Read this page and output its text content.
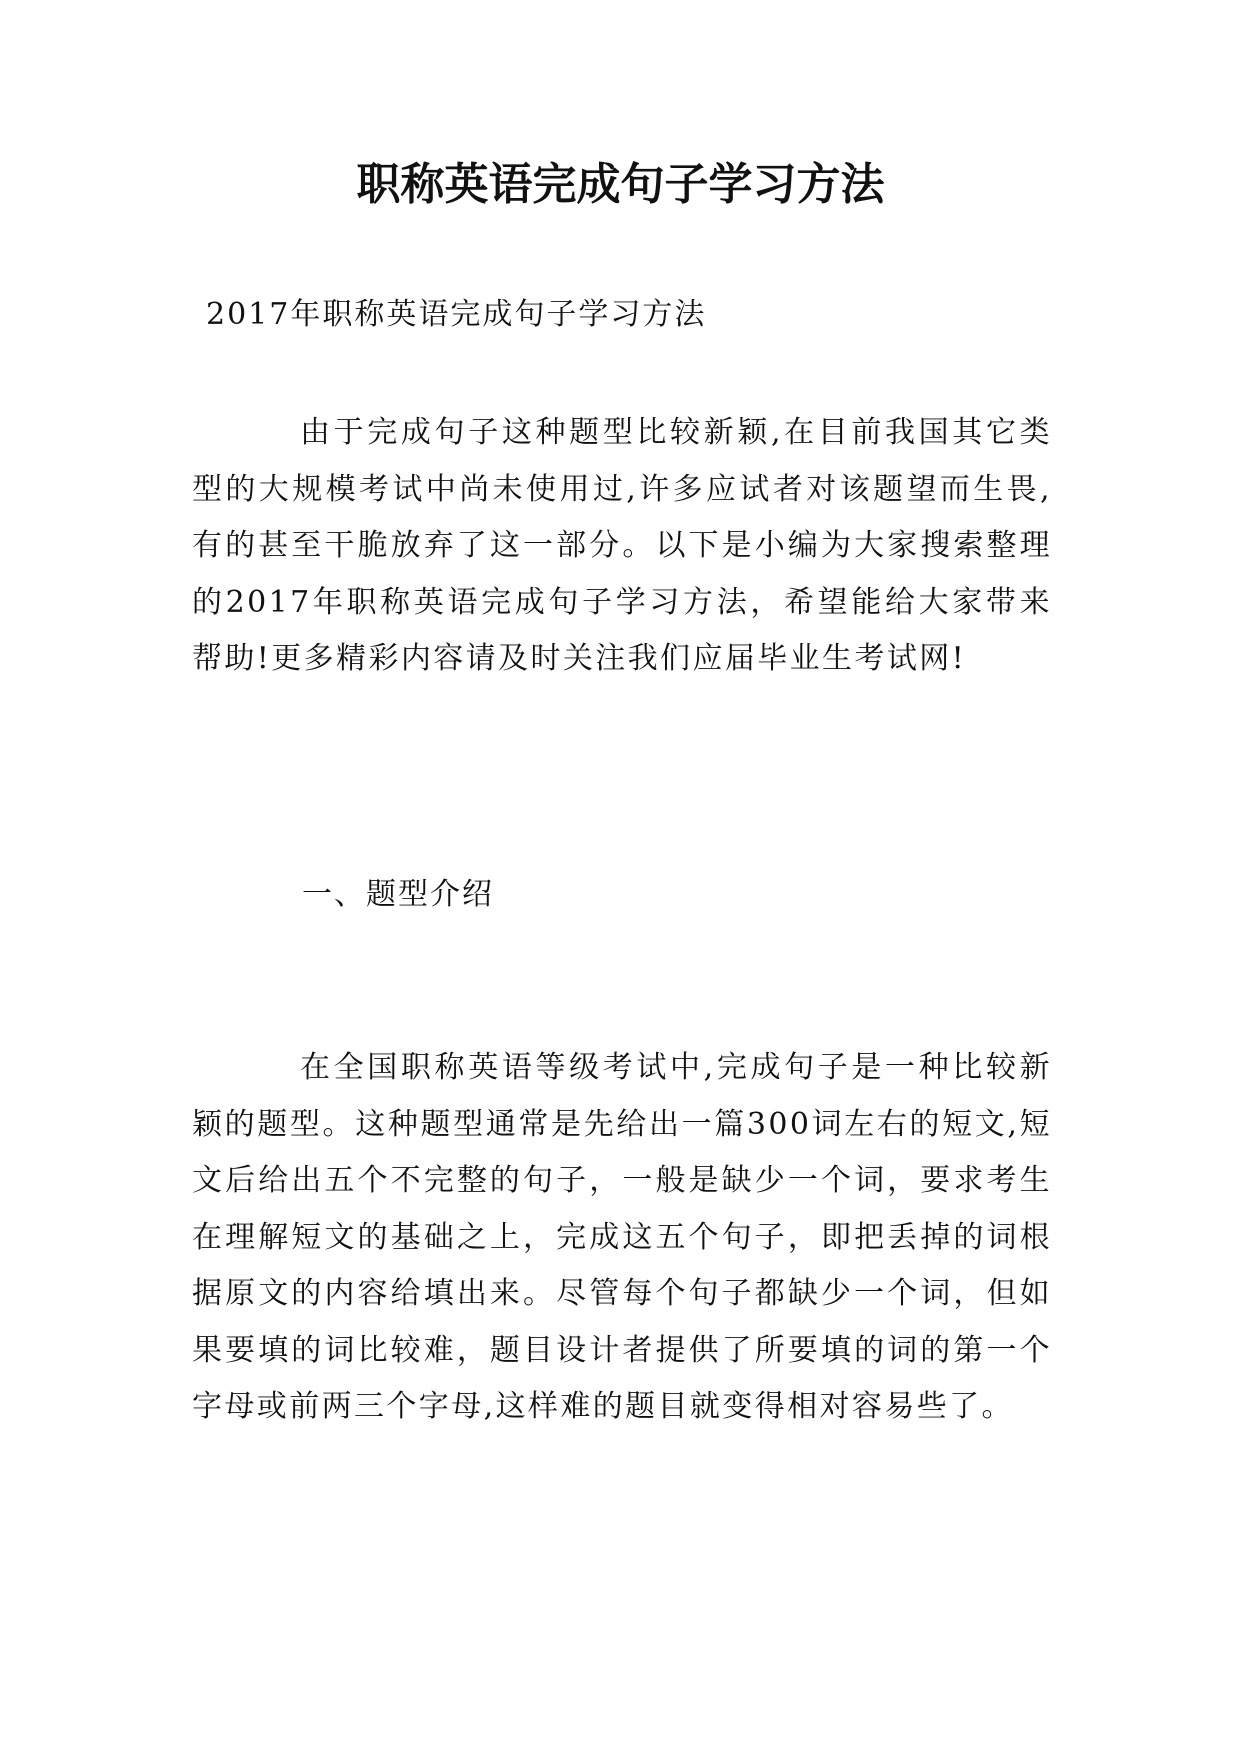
职称英语完成句子学习方法
2017年职称英语完成句子学习方法

由于完成句子这种题型比较新颖,在目前我国其它类型的大规模考试中尚未使用过,许多应试者对该题望而生畏,有的甚至干脆放弃了这一部分。以下是小编为大家搜索整理的2017年职称英语完成句子学习方法，希望能给大家带来帮助!更多精彩内容请及时关注我们应届毕业生考试网!

一、题型介绍

在全国职称英语等级考试中,完成句子是一种比较新颖的题型。这种题型通常是先给出一篇300词左右的短文,短文后给出五个不完整的句子，一般是缺少一个词，要求考生在理解短文的基础之上，完成这五个句子，即把丢掉的词根据原文的内容给填出来。尽管每个句子都缺少一个词，但如果要填的词比较难，题目设计者提供了所要填的词的第一个字母或前两三个字母,这样难的题目就变得相对容易些了。
